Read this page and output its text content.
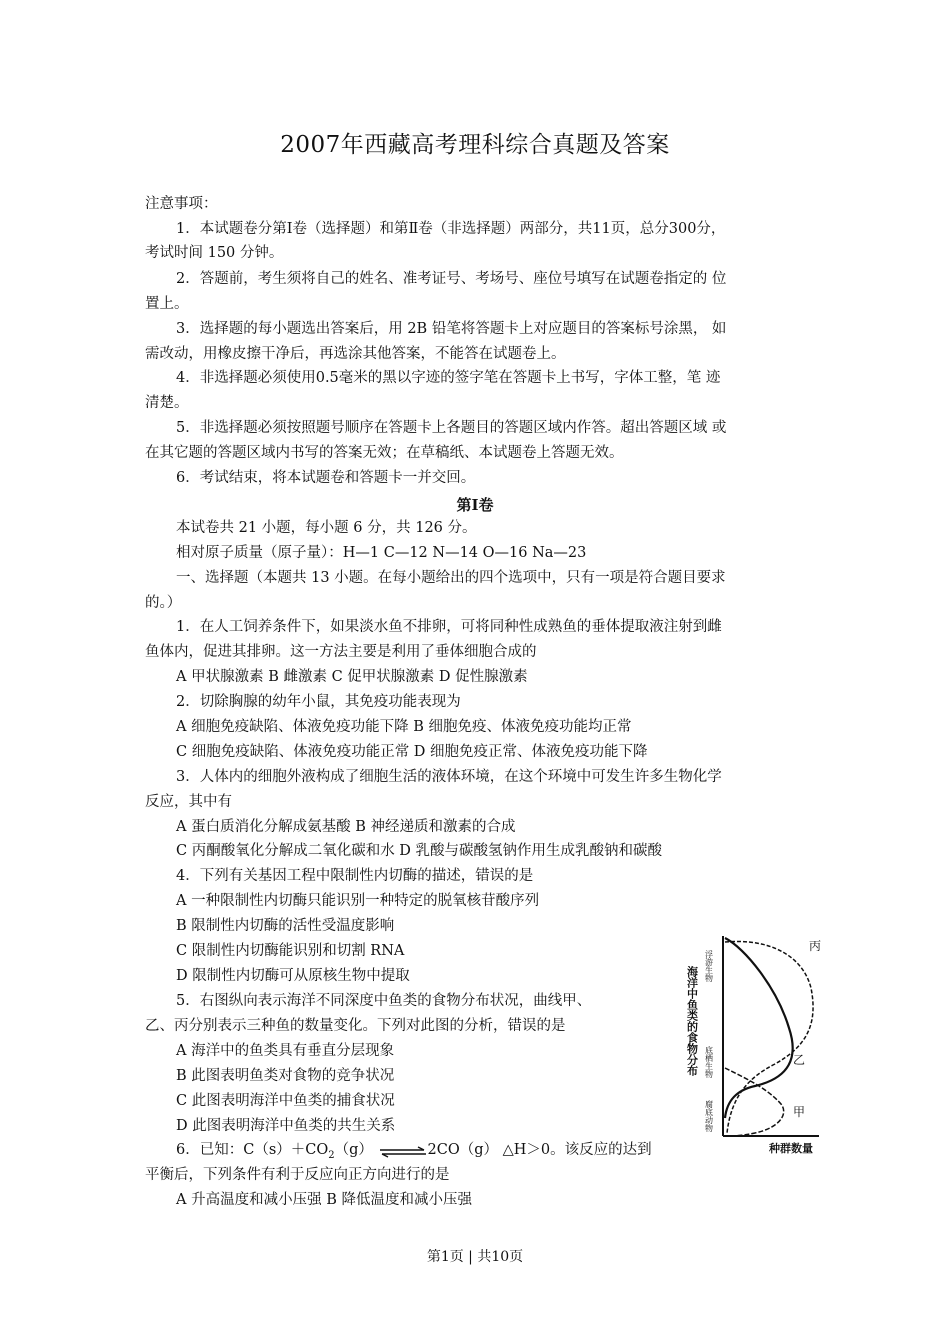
2007年西藏高考理科综合真题及答案
注意事项：
1．本试题卷分第Ⅰ卷（选择题）和第Ⅱ卷（非选择题）两部分，共11页，总分300分，
考试时间 150 分钟。
2．答题前，考生须将自己的姓名、准考证号、考场号、座位号填写在试题卷指定的 位
置上。
3．选择题的每小题选出答案后，用 2B 铅笔将答题卡上对应题目的答案标号涂黑， 如
需改动，用橡皮擦干净后，再选涂其他答案，不能答在试题卷上。
4．非选择题必须使用0.5毫米的黑以字迹的签字笔在答题卡上书写，字体工整，笔 迹
清楚。
5．非选择题必须按照题号顺序在答题卡上各题目的答题区域内作答。超出答题区域 或
在其它题的答题区域内书写的答案无效；在草稿纸、本试题卷上答题无效。
6．考试结束，将本试题卷和答题卡一并交回。
第Ⅰ卷
本试卷共 21 小题，每小题 6 分，共 126 分。
相对原子质量（原子量）：H—1 C—12 N—14 O—16 Na—23
一、选择题（本题共 13 小题。在每小题给出的四个选项中，只有一项是符合题目要求
的。）
1．在人工饲养条件下，如果淡水鱼不排卵，可将同种性成熟鱼的垂体提取液注射到雌
鱼体内，促进其排卵。这一方法主要是利用了垂体细胞合成的
A 甲状腺激素 B 雌激素 C 促甲状腺激素 D 促性腺激素
2．切除胸腺的幼年小鼠，其免疫功能表现为
A 细胞免疫缺陷、体液免疫功能下降 B 细胞免疫、体液免疫功能均正常
C 细胞免疫缺陷、体液免疫功能正常 D 细胞免疫正常、体液免疫功能下降
3．人体内的细胞外液构成了细胞生活的液体环境，在这个环境中可发生许多生物化学
反应，其中有
A 蛋白质消化分解成氨基酸 B 神经递质和激素的合成
C 丙酮酸氧化分解成二氧化碳和水 D 乳酸与碳酸氢钠作用生成乳酸钠和碳酸
4．下列有关基因工程中限制性内切酶的描述，错误的是
A 一种限制性内切酶只能识别一种特定的脱氧核苷酸序列
B 限制性内切酶的活性受温度影响
C 限制性内切酶能识别和切割 RNA
D 限制性内切酶可从原核生物中提取
5．右图纵向表示海洋不同深度中鱼类的食物分布状况，曲线甲、
乙、丙分别表示三种鱼的数量变化。下列对此图的分析，错误的是
A 海洋中的鱼类具有垂直分层现象
B 此图表明鱼类对食物的竞争状况
C 此图表明海洋中鱼类的捕食状况
D 此图表明海洋中鱼类的共生关系
6．已知：$C(s)+CO_2(g)$ ⇌2CO（g） △H＞0。该反应的达到
平衡后，下列条件有利于反应向正方向进行的是
A 升高温度和减小压强 B 降低温度和减小压强
海洋中鱼类的食物分布 浮游生物
底栖生物
腐底动物
丙
乙
甲
种群数量
第1页 | 共10页
